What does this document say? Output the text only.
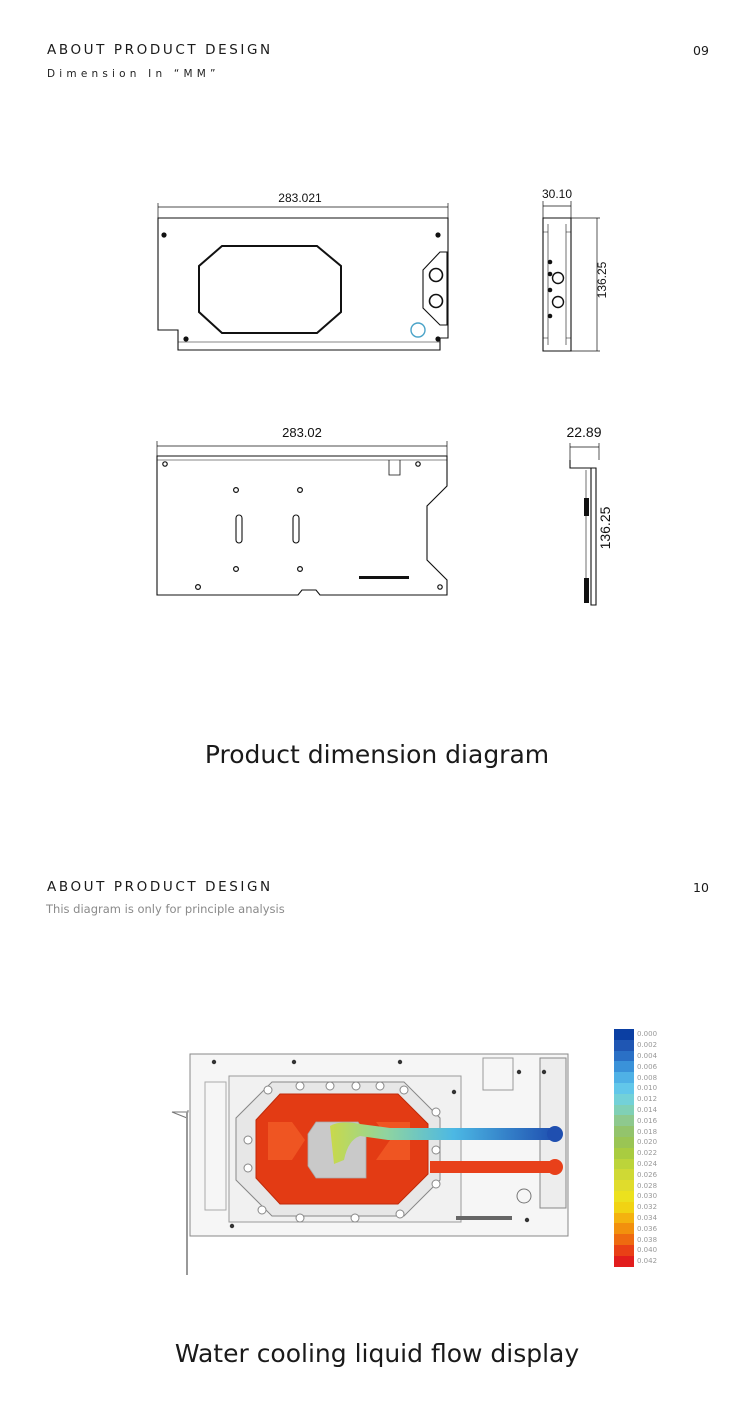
ABOUT PRODUCT DESIGN
Dimension In “MM”
09
283.021	30.10
136.25
283.02	22.89
136.25
Product dimension diagram
ABOUT PRODUCT DESIGN
This diagram is only for principle analysis
10
0.000
0.002
0.004
0.006
0.008
0.010
0.012
0.014
0.016
0.018
0.020
0.022
0.024
0.026
0.028
0.030
0.032
0.034
0.036
0.038
0.040
0.042
Water cooling liquid flow display
